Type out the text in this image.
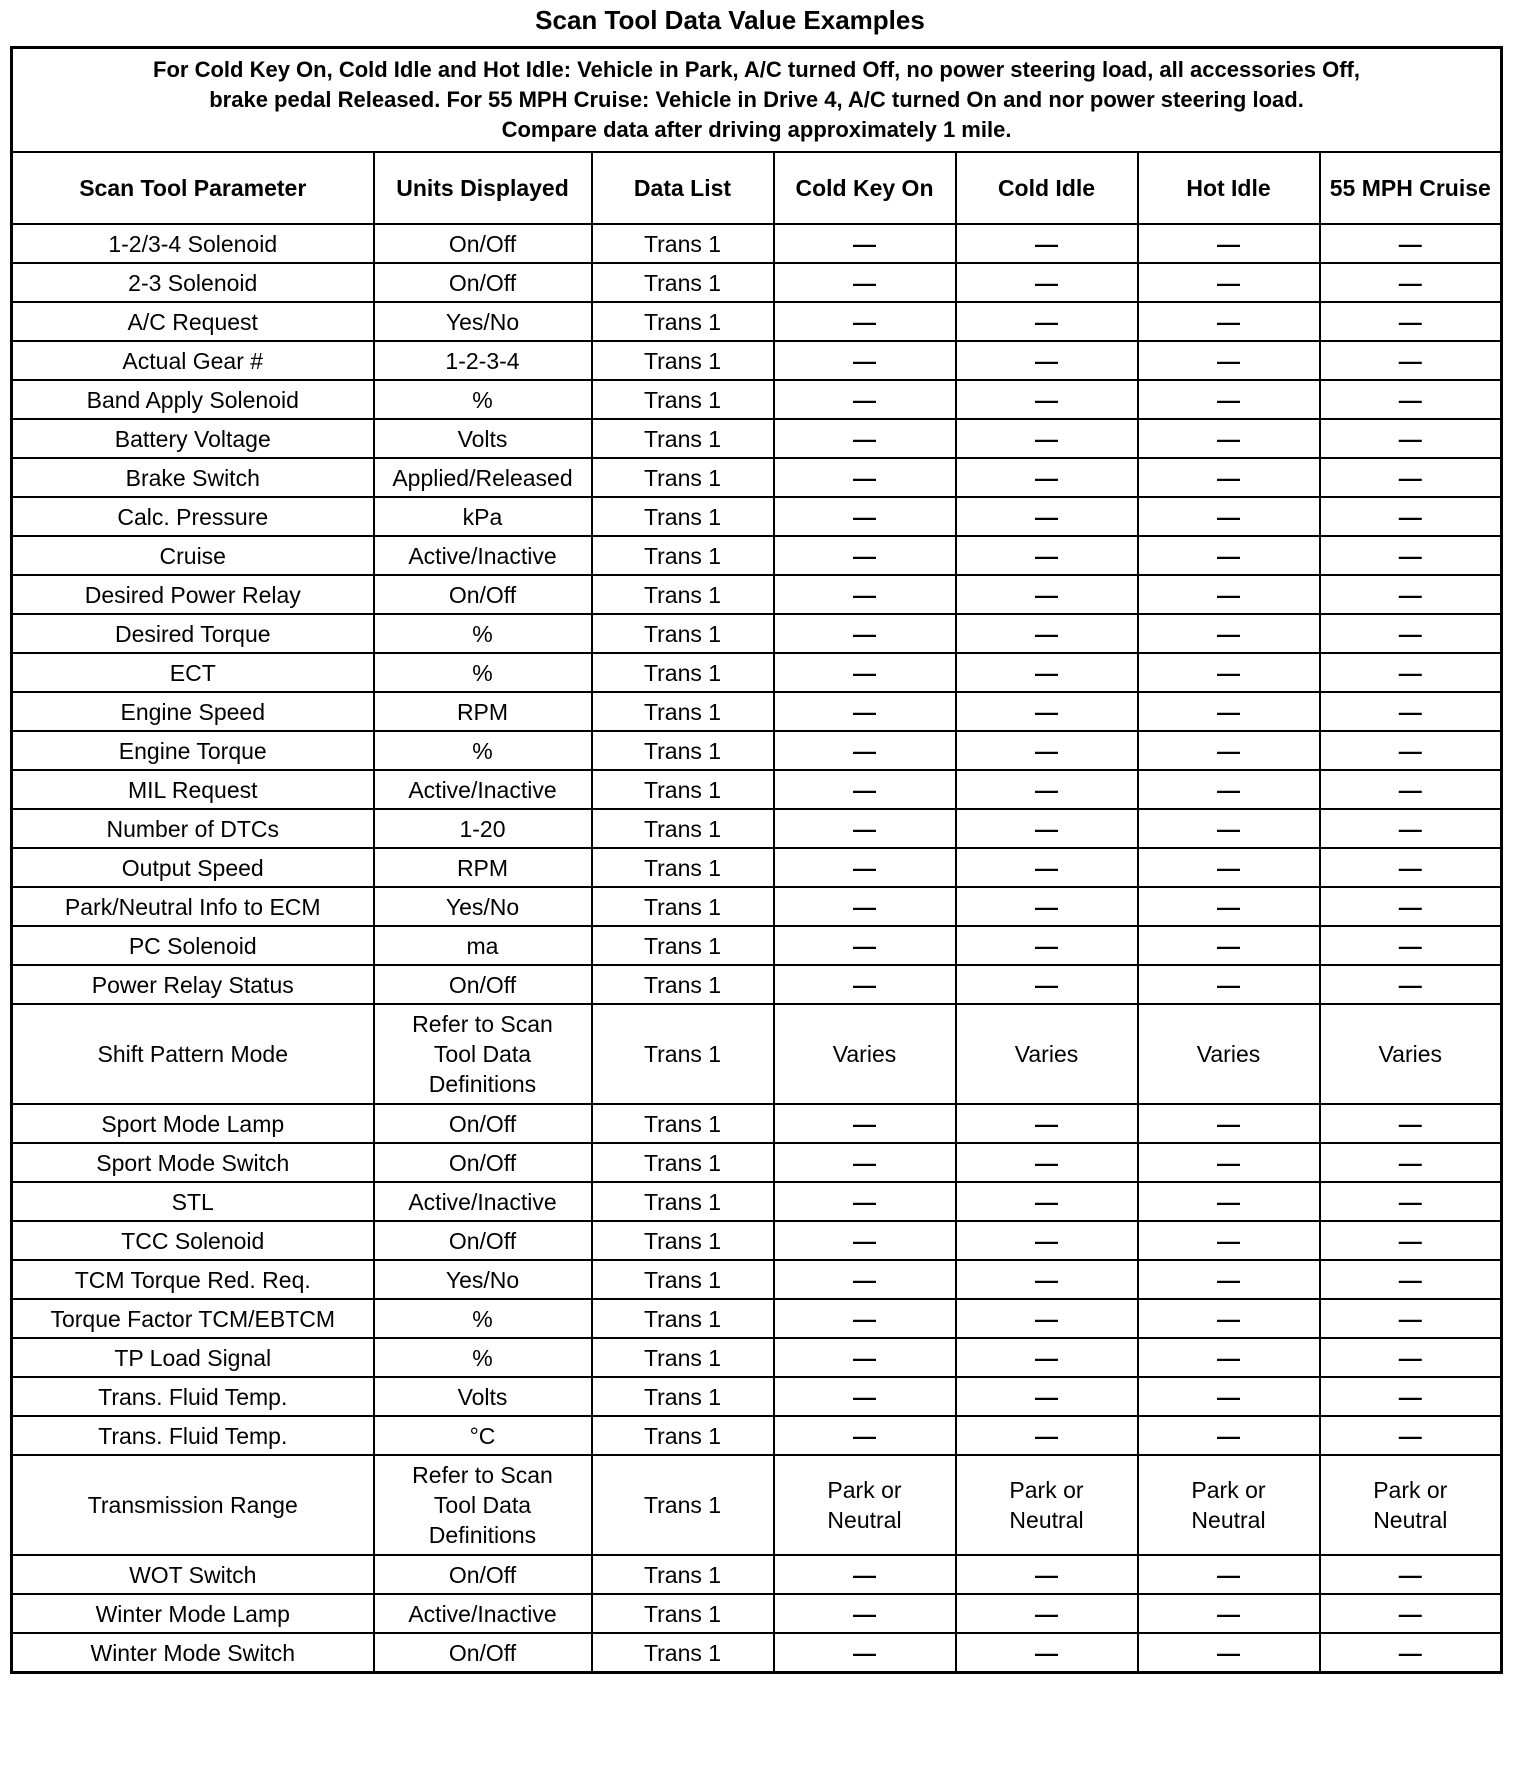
Scan Tool Data Value Examples
For Cold Key On, Cold Idle and Hot Idle: Vehicle in Park, A/C turned Off, no power steering load, all accessories Off,
brake pedal Released. For 55 MPH Cruise: Vehicle in Drive 4, A/C turned On and nor power steering load.
Compare data after driving approximately 1 mile.						

Scan Tool Parameter	Units Displayed	Data List	Cold Key On	Cold Idle	Hot Idle	55 MPH Cruise
1-2/3-4 Solenoid	On/Off	Trans 1	—	—	—	—
2-3 Solenoid	On/Off	Trans 1	—	—	—	—
A/C Request	Yes/No	Trans 1	—	—	—	—
Actual Gear #	1-2-3-4	Trans 1	—	—	—	—
Band Apply Solenoid	%	Trans 1	—	—	—	—
Battery Voltage	Volts	Trans 1	—	—	—	—
Brake Switch	Applied/Released	Trans 1	—	—	—	—
Calc. Pressure	kPa	Trans 1	—	—	—	—
Cruise	Active/Inactive	Trans 1	—	—	—	—
Desired Power Relay	On/Off	Trans 1	—	—	—	—
Desired Torque	%	Trans 1	—	—	—	—
ECT	%	Trans 1	—	—	—	—
Engine Speed	RPM	Trans 1	—	—	—	—
Engine Torque	%	Trans 1	—	—	—	—
MIL Request	Active/Inactive	Trans 1	—	—	—	—
Number of DTCs	1-20	Trans 1	—	—	—	—
Output Speed	RPM	Trans 1	—	—	—	—
Park/Neutral Info to ECM	Yes/No	Trans 1	—	—	—	—
PC Solenoid	ma	Trans 1	—	—	—	—
Power Relay Status	On/Off	Trans 1	—	—	—	—
Shift Pattern Mode	Refer to Scan Tool Data Definitions	Trans 1	Varies	Varies	Varies	Varies
Sport Mode Lamp	On/Off	Trans 1	—	—	—	—
Sport Mode Switch	On/Off	Trans 1	—	—	—	—
STL	Active/Inactive	Trans 1	—	—	—	—
TCC Solenoid	On/Off	Trans 1	—	—	—	—
TCM Torque Red. Req.	Yes/No	Trans 1	—	—	—	—
Torque Factor TCM/EBTCM	%	Trans 1	—	—	—	—
TP Load Signal	%	Trans 1	—	—	—	—
Trans. Fluid Temp.	Volts	Trans 1	—	—	—	—
Trans. Fluid Temp.	°C	Trans 1	—	—	—	—
Transmission Range	Refer to Scan Tool Data Definitions	Trans 1	Park or Neutral	Park or Neutral	Park or Neutral	Park or Neutral
WOT Switch	On/Off	Trans 1	—	—	—	—
Winter Mode Lamp	Active/Inactive	Trans 1	—	—	—	—
Winter Mode Switch	On/Off	Trans 1	—	—	—	—
